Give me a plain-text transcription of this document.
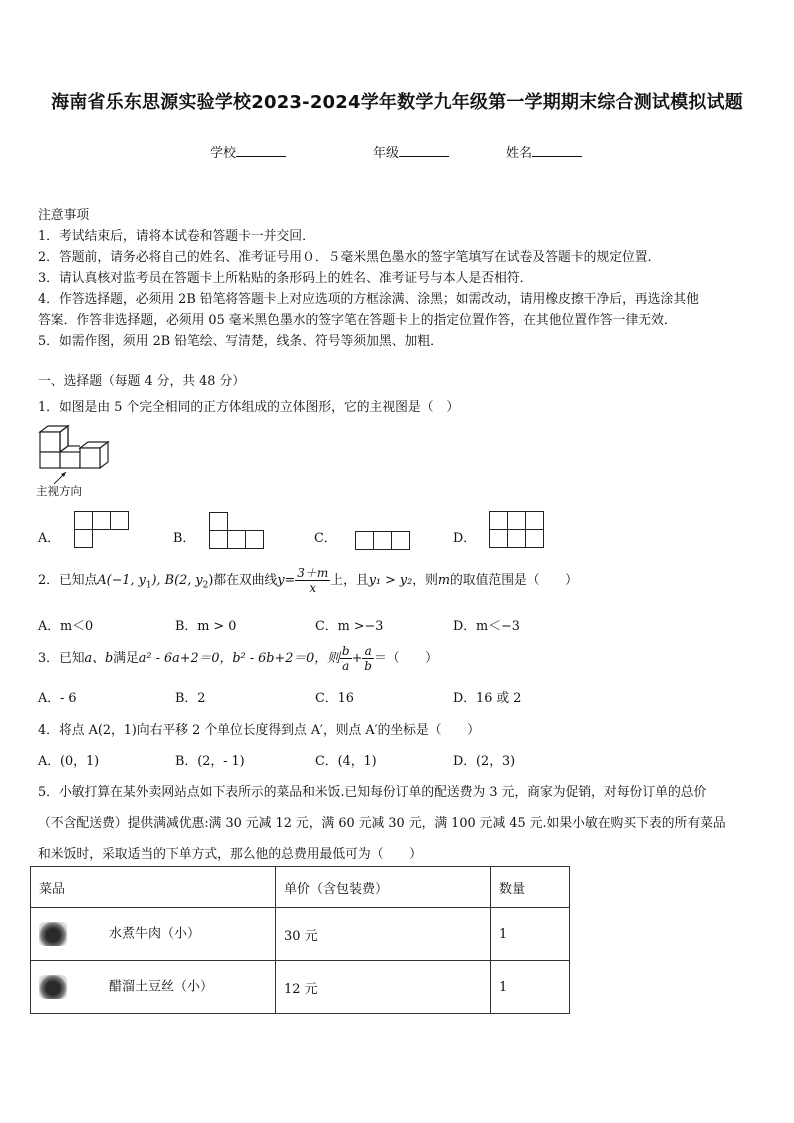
海南省乐东思源实验学校2023-2024学年数学九年级第一学期期末综合测试模拟试题
学校	年级	姓名
注意事项
1．考试结束后，请将本试卷和答题卡一并交回．
2．答题前，请务必将自己的姓名、准考证号用０．５毫米黑色墨水的签字笔填写在试卷及答题卡的规定位置．
3．请认真核对监考员在答题卡上所粘贴的条形码上的姓名、准考证号与本人是否相符．
4．作答选择题，必须用 2B 铅笔将答题卡上对应选项的方框涂满、涂黑；如需改动，请用橡皮擦干净后，再选涂其他
答案．作答非选择题，必须用 05 毫米黑色墨水的签字笔在答题卡上的指定位置作答，在其他位置作答一律无效．
5．如需作图，须用 2B 铅笔绘、写清楚，线条、符号等须加黑、加粗．
一、选择题（每题 4 分，共 48 分）
1．如图是由 5 个完全相同的正方体组成的立体图形，它的主视图是（　）
主视方向
A．	B．	C．	D．
2．已知点A(−1, $y_1$), B(2, $y_2$)都在双曲线$y= \frac{3+m}{x}$ 上，且y₁ > y₂，则m的取值范围是（　　）
A．m＜0	B．m > 0	C．m >−3	D．m＜−3
3．已知a、b满足a² - 6a+2＝0，b² - 6b+2＝0，则 $\frac{b}{a} + \frac{a}{b}$ ＝（　　）
A．- 6	B．2	C．16	D．16 或 2
4．将点 A(2，1)向右平移 2 个单位长度得到点 A′，则点 A′的坐标是（　　）
A．(0，1)	B．(2，- 1)	C．(4，1)	D．(2，3)
5．小敏打算在某外卖网站点如下表所示的菜品和米饭.已知每份订单的配送费为 3 元，商家为促销，对每份订单的总价
（不含配送费）提供满减优惠:满 30 元减 12 元，满 60 元减 30 元，满 100 元减 45 元.如果小敏在购买下表的所有菜品
和米饭时，采取适当的下单方式，那么他的总费用最低可为（　　）
菜品	单价（含包装费）	数量
水煮牛肉（小）	30 元	1
醋溜土豆丝（小）	12 元	1
